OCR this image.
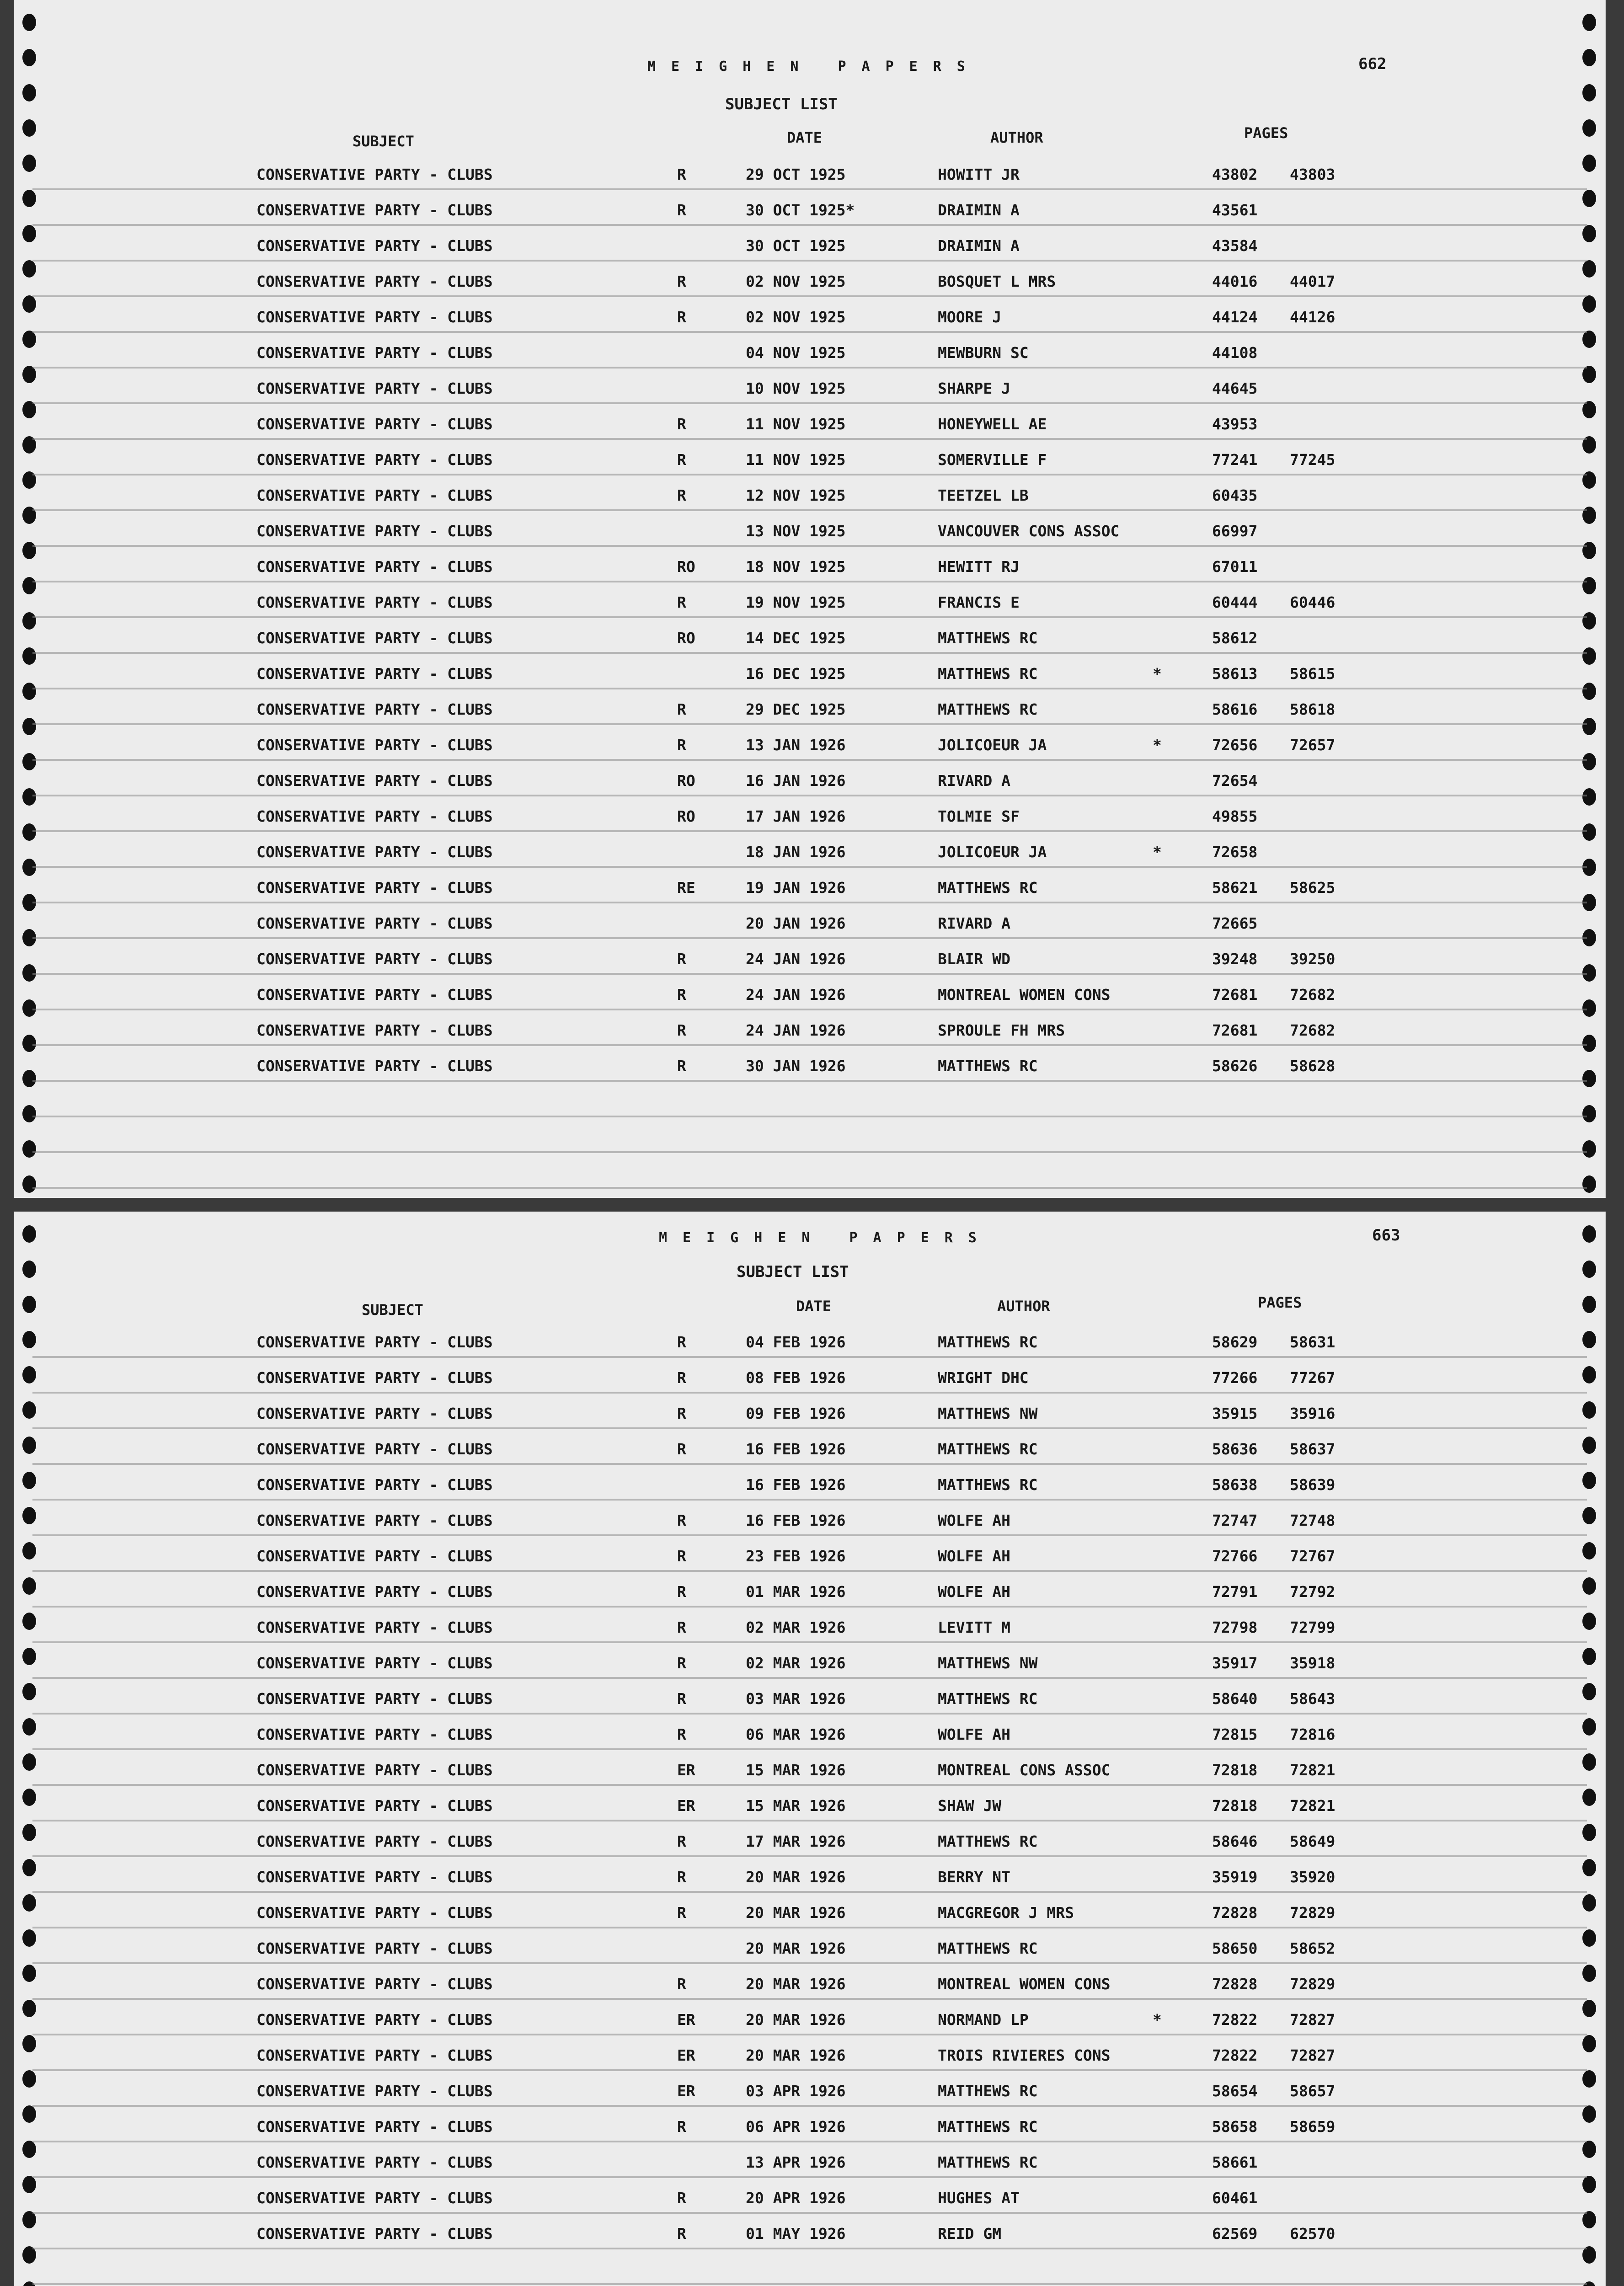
MEIGHEN PAPERS	662
SUBJECT LIST
SUBJECT	DATE	AUTHOR	PAGES
CONSERVATIVE PARTY - CLUBS	R	29 OCT 1925	HOWITT JR	43802 43803
CONSERVATIVE PARTY - CLUBS	R	30 OCT 1925*	DRAIMIN A	43561
CONSERVATIVE PARTY - CLUBS	30 OCT 1925	DRAIMIN A	43584
CONSERVATIVE PARTY - CLUBS	R	02 NOV 1925	BOSQUET L MRS	44016 44017
CONSERVATIVE PARTY - CLUBS	R	02 NOV 1925	MOORE J	44124 44126
CONSERVATIVE PARTY - CLUBS	04 NOV 1925	MEWBURN SC	44108
CONSERVATIVE PARTY - CLUBS	10 NOV 1925	SHARPE J	44645
CONSERVATIVE PARTY - CLUBS	R	11 NOV 1925	HONEYWELL AE	43953
CONSERVATIVE PARTY - CLUBS	R	11 NOV 1925	SOMERVILLE F	77241 77245
CONSERVATIVE PARTY - CLUBS	R	12 NOV 1925	TEETZEL LB	60435
CONSERVATIVE PARTY - CLUBS	13 NOV 1925	VANCOUVER CONS ASSOC	66997
CONSERVATIVE PARTY - CLUBS	RO	18 NOV 1925	HEWITT RJ	67011
CONSERVATIVE PARTY - CLUBS	R	19 NOV 1925	FRANCIS E	60444 60446
CONSERVATIVE PARTY - CLUBS	RO	14 DEC 1925	MATTHEWS RC	58612
CONSERVATIVE PARTY - CLUBS	16 DEC 1925	MATTHEWS RC	*	58613 58615
CONSERVATIVE PARTY - CLUBS	R	29 DEC 1925	MATTHEWS RC	58616 58618
CONSERVATIVE PARTY - CLUBS	R	13 JAN 1926	JOLICOEUR JA	*	72656 72657
CONSERVATIVE PARTY - CLUBS	RO	16 JAN 1926	RIVARD A	72654
CONSERVATIVE PARTY - CLUBS	RO	17 JAN 1926	TOLMIE SF	49855
CONSERVATIVE PARTY - CLUBS	18 JAN 1926	JOLICOEUR JA	*	72658
CONSERVATIVE PARTY - CLUBS	RE	19 JAN 1926	MATTHEWS RC	58621 58625
CONSERVATIVE PARTY - CLUBS	20 JAN 1926	RIVARD A	72665
CONSERVATIVE PARTY - CLUBS	R	24 JAN 1926	BLAIR WD	39248 39250
CONSERVATIVE PARTY - CLUBS	R	24 JAN 1926	MONTREAL WOMEN CONS	72681 72682
CONSERVATIVE PARTY - CLUBS	R	24 JAN 1926	SPROULE FH MRS	72681 72682
CONSERVATIVE PARTY - CLUBS	R	30 JAN 1926	MATTHEWS RC	58626 58628
MEIGHEN PAPERS	663
SUBJECT LIST
SUBJECT	DATE	AUTHOR	PAGES
CONSERVATIVE PARTY - CLUBS	R	04 FEB 1926	MATTHEWS RC	58629 58631
CONSERVATIVE PARTY - CLUBS	R	08 FEB 1926	WRIGHT DHC	77266 77267
CONSERVATIVE PARTY - CLUBS	R	09 FEB 1926	MATTHEWS NW	35915 35916
CONSERVATIVE PARTY - CLUBS	R	16 FEB 1926	MATTHEWS RC	58636 58637
CONSERVATIVE PARTY - CLUBS	16 FEB 1926	MATTHEWS RC	58638 58639
CONSERVATIVE PARTY - CLUBS	R	16 FEB 1926	WOLFE AH	72747 72748
CONSERVATIVE PARTY - CLUBS	R	23 FEB 1926	WOLFE AH	72766 72767
CONSERVATIVE PARTY - CLUBS	R	01 MAR 1926	WOLFE AH	72791 72792
CONSERVATIVE PARTY - CLUBS	R	02 MAR 1926	LEVITT M	72798 72799
CONSERVATIVE PARTY - CLUBS	R	02 MAR 1926	MATTHEWS NW	35917 35918
CONSERVATIVE PARTY - CLUBS	R	03 MAR 1926	MATTHEWS RC	58640 58643
CONSERVATIVE PARTY - CLUBS	R	06 MAR 1926	WOLFE AH	72815 72816
CONSERVATIVE PARTY - CLUBS	ER	15 MAR 1926	MONTREAL CONS ASSOC	72818 72821
CONSERVATIVE PARTY - CLUBS	ER	15 MAR 1926	SHAW JW	72818 72821
CONSERVATIVE PARTY - CLUBS	R	17 MAR 1926	MATTHEWS RC	58646 58649
CONSERVATIVE PARTY - CLUBS	R	20 MAR 1926	BERRY NT	35919 35920
CONSERVATIVE PARTY - CLUBS	R	20 MAR 1926	MACGREGOR J MRS	72828 72829
CONSERVATIVE PARTY - CLUBS	20 MAR 1926	MATTHEWS RC	58650 58652
CONSERVATIVE PARTY - CLUBS	R	20 MAR 1926	MONTREAL WOMEN CONS	72828 72829
CONSERVATIVE PARTY - CLUBS	ER	20 MAR 1926	NORMAND LP	*	72822 72827
CONSERVATIVE PARTY - CLUBS	ER	20 MAR 1926	TROIS RIVIERES CONS	72822 72827
CONSERVATIVE PARTY - CLUBS	ER	03 APR 1926	MATTHEWS RC	58654 58657
CONSERVATIVE PARTY - CLUBS	R	06 APR 1926	MATTHEWS RC	58658 58659
CONSERVATIVE PARTY - CLUBS	13 APR 1926	MATTHEWS RC	58661
CONSERVATIVE PARTY - CLUBS	R	20 APR 1926	HUGHES AT	60461
CONSERVATIVE PARTY - CLUBS	R	01 MAY 1926	REID GM	62569 62570
